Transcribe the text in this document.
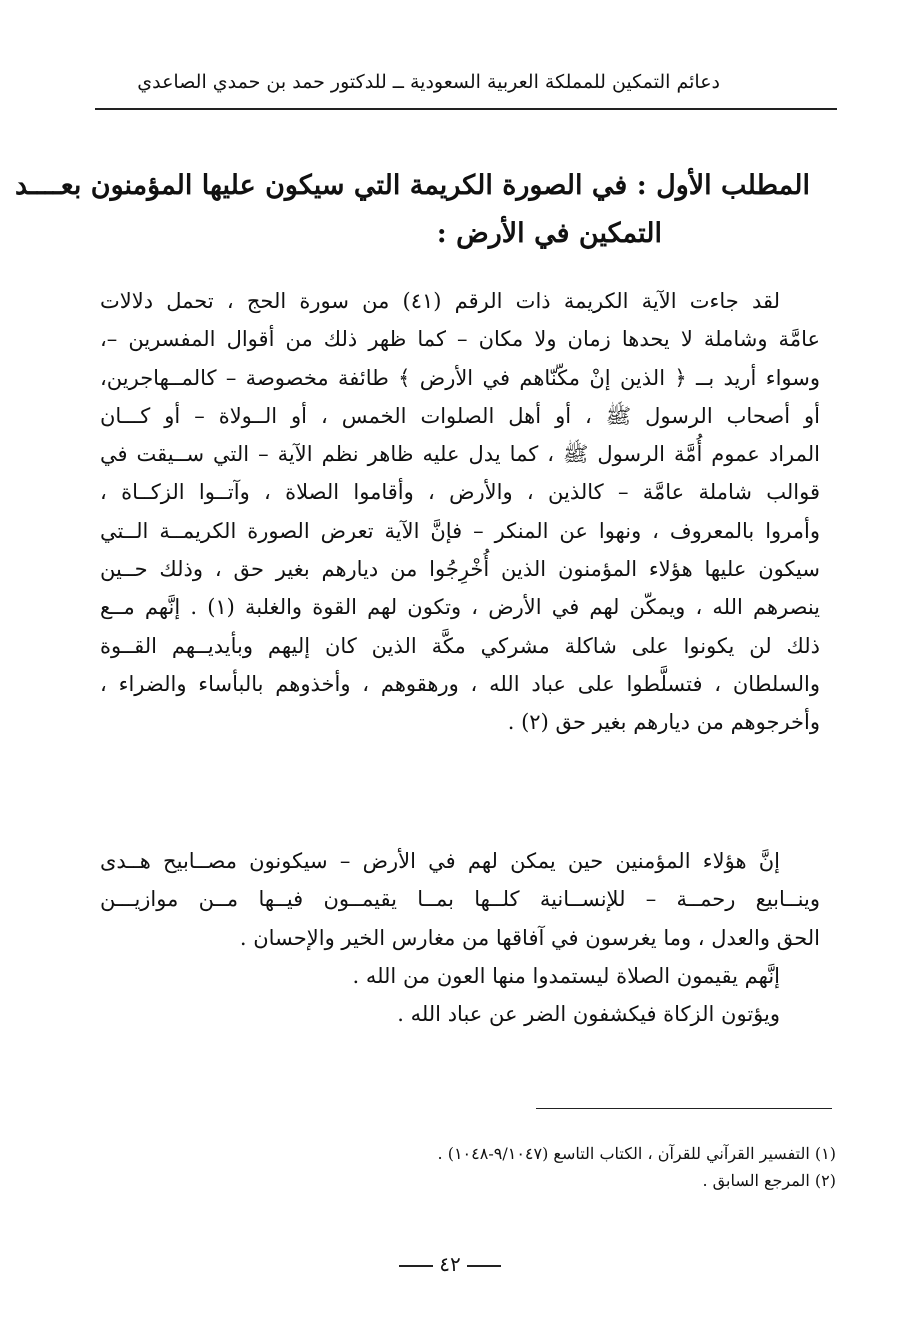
دعائم التمكين للمملكة العربية السعودية ــ للدكتور حمد بن حمدي الصاعدي
المطلب الأول : في الصورة الكريمة التي سيكون عليها المؤمنون بعــــد
التمكين في الأرض :
لقد جاءت الآية الكريمة ذات الرقم (٤١) من سورة الحج ، تحمل دلالات
عامَّة وشاملة لا يحدها زمان ولا مكان – كما ظهر ذلك من أقوال المفسرين –،
وسواء أريد بــ ﴿ الذين إنْ مكّنّاهم في الأرض ﴾ طائفة مخصوصة – كالمــهاجرين،
أو أصحاب الرسول ﷺ ، أو أهل الصلوات الخمس ، أو الــولاة – أو كـــان
المراد عموم أُمَّة الرسول ﷺ ، كما يدل عليه ظاهر نظم الآية – التي ســيقت في
قوالب شاملة عامَّة – كالذين ، والأرض ، وأقاموا الصلاة ، وآتــوا الزكــاة ،
وأمروا بالمعروف ، ونهوا عن المنكر – فإنَّ الآية تعرض الصورة الكريمــة الــتي
سيكون عليها هؤلاء المؤمنون الذين أُخْرِجُوا من ديارهم بغير حق ، وذلك حــين
ينصرهم الله ، ويمكّن لهم في الأرض ، وتكون لهم القوة والغلبة (١) . إنَّهم مــع
ذلك لن يكونوا على شاكلة مشركي مكَّة الذين كان إليهم وبأيديــهم القــوة
والسلطان ، فتسلَّطوا على عباد الله ، ورهقوهم ، وأخذوهم بالبأساء والضراء ،
وأخرجوهم من ديارهم بغير حق (٢) .
إنَّ هؤلاء المؤمنين حين يمكن لهم في الأرض – سيكونون مصــابيح هــدى
وينــابيع رحمــة – للإنســانية كلــها بمــا يقيمــون فيــها مــن موازيـــن
الحق والعدل ، وما يغرسون في آفاقها من مغارس الخير والإحسان .
إنَّهم يقيمون الصلاة ليستمدوا منها العون من الله .
ويؤتون الزكاة فيكشفون الضر عن عباد الله .
(١) التفسير القرآني للقرآن ، الكتاب التاسع (٩/١٠٤٧-١٠٤٨) .
(٢) المرجع السابق .
٤٢
